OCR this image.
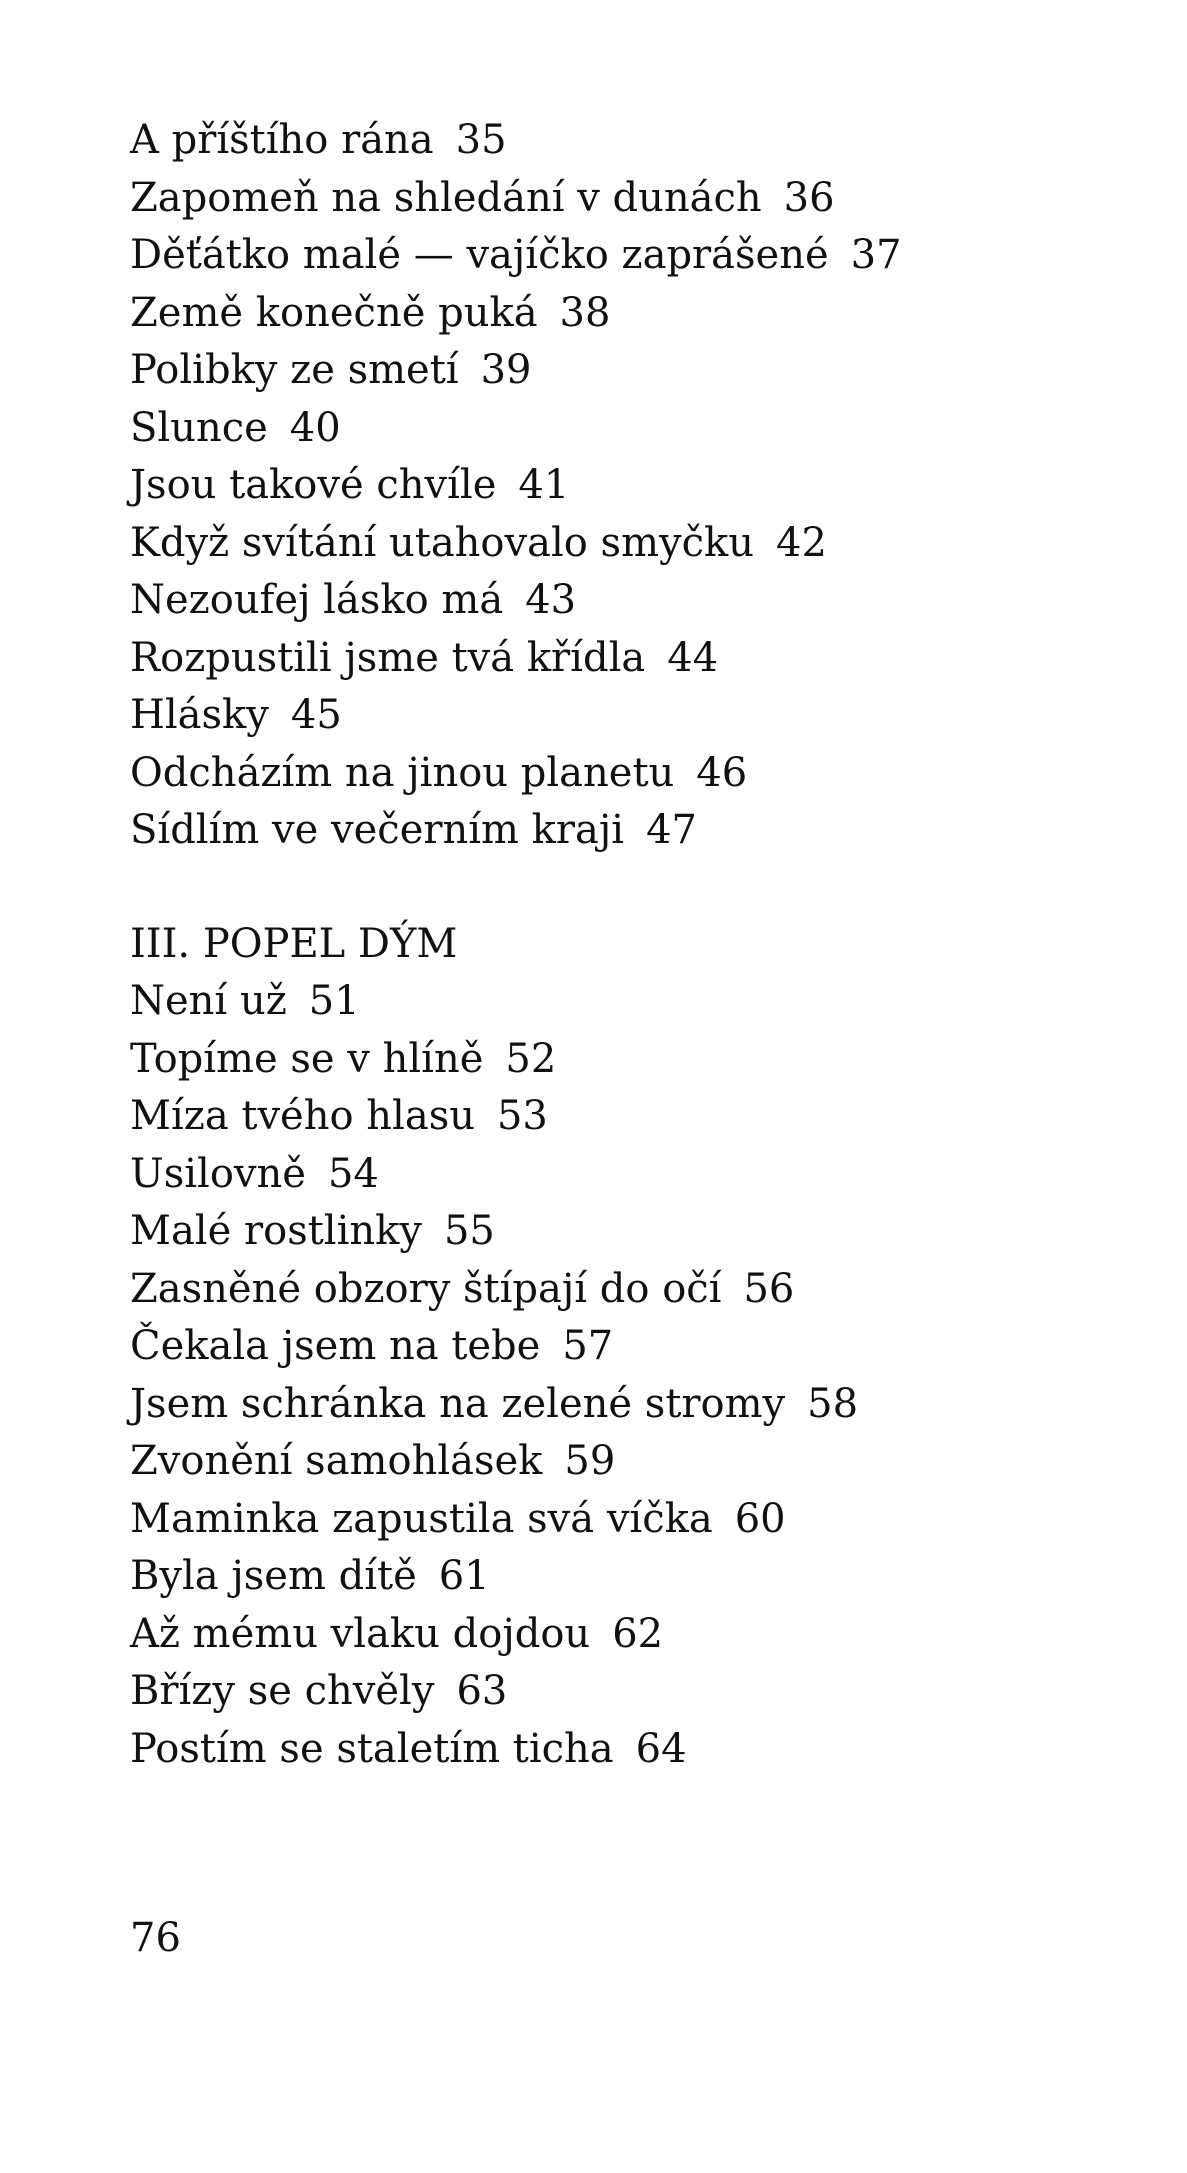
A příštího rána 35
Zapomeň na shledání v dunách 36
Děťátko malé — vajíčko zaprášené 37
Země konečně puká 38
Polibky ze smetí 39
Slunce 40
Jsou takové chvíle 41
Když svítání utahovalo smyčku 42
Nezoufej lásko má 43
Rozpustili jsme tvá křídla 44
Hlásky 45
Odcházím na jinou planetu 46
Sídlím ve večerním kraji 47
III. POPEL DÝM
Není už 51
Topíme se v hlíně 52
Míza tvého hlasu 53
Usilovně 54
Malé rostlinky 55
Zasněné obzory štípají do očí 56
Čekala jsem na tebe 57
Jsem schránka na zelené stromy 58
Zvonění samohlásek 59
Maminka zapustila svá víčka 60
Byla jsem dítě 61
Až mému vlaku dojdou 62
Břízy se chvěly 63
Postím se staletím ticha 64
76
